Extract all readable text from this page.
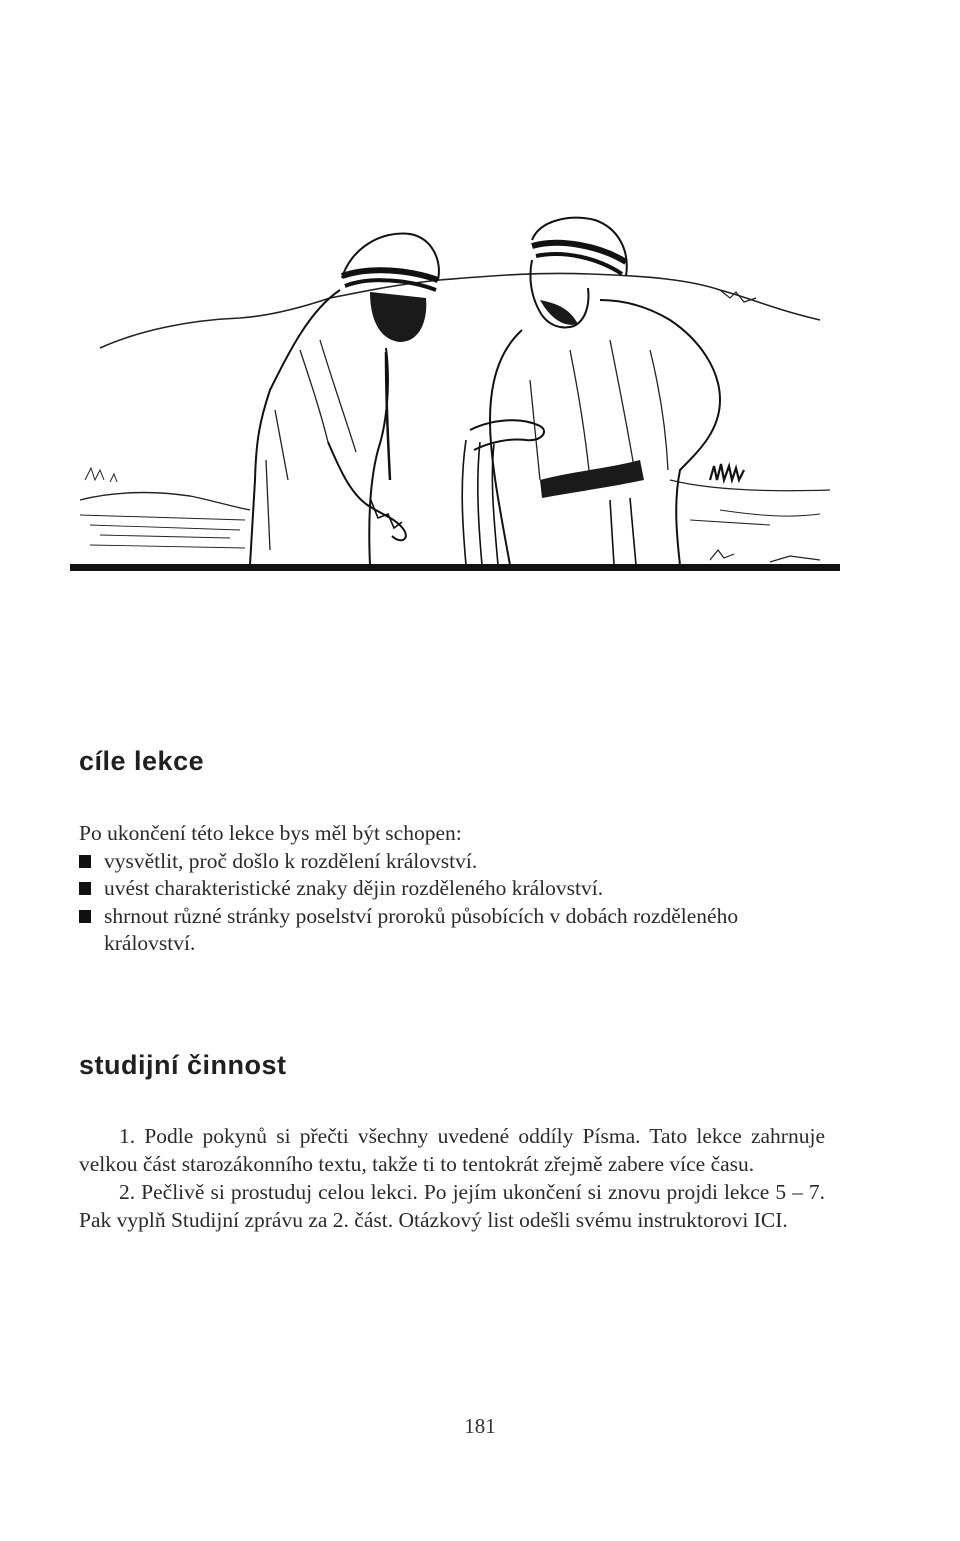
cíle lekce

Po ukončení této lekce bys měl být schopen:

vysvětlit, proč došlo k rozdělení království.
uvést charakteristické znaky dějin rozděleného království.
shrnout různé stránky poselství proroků působících v dobách rozděleného království.
studijní činnost

1. Podle pokynů si přečti všechny uvedené oddíly Písma. Tato lekce zahrnuje velkou část starozákonního textu, takže ti to tentokrát zřejmě zabere více času.

2. Pečlivě si prostuduj celou lekci. Po jejím ukončení si znovu projdi lekce 5 – 7. Pak vyplň Studijní zprávu za 2. část. Otázkový list odešli svému instruktorovi ICI.

181
